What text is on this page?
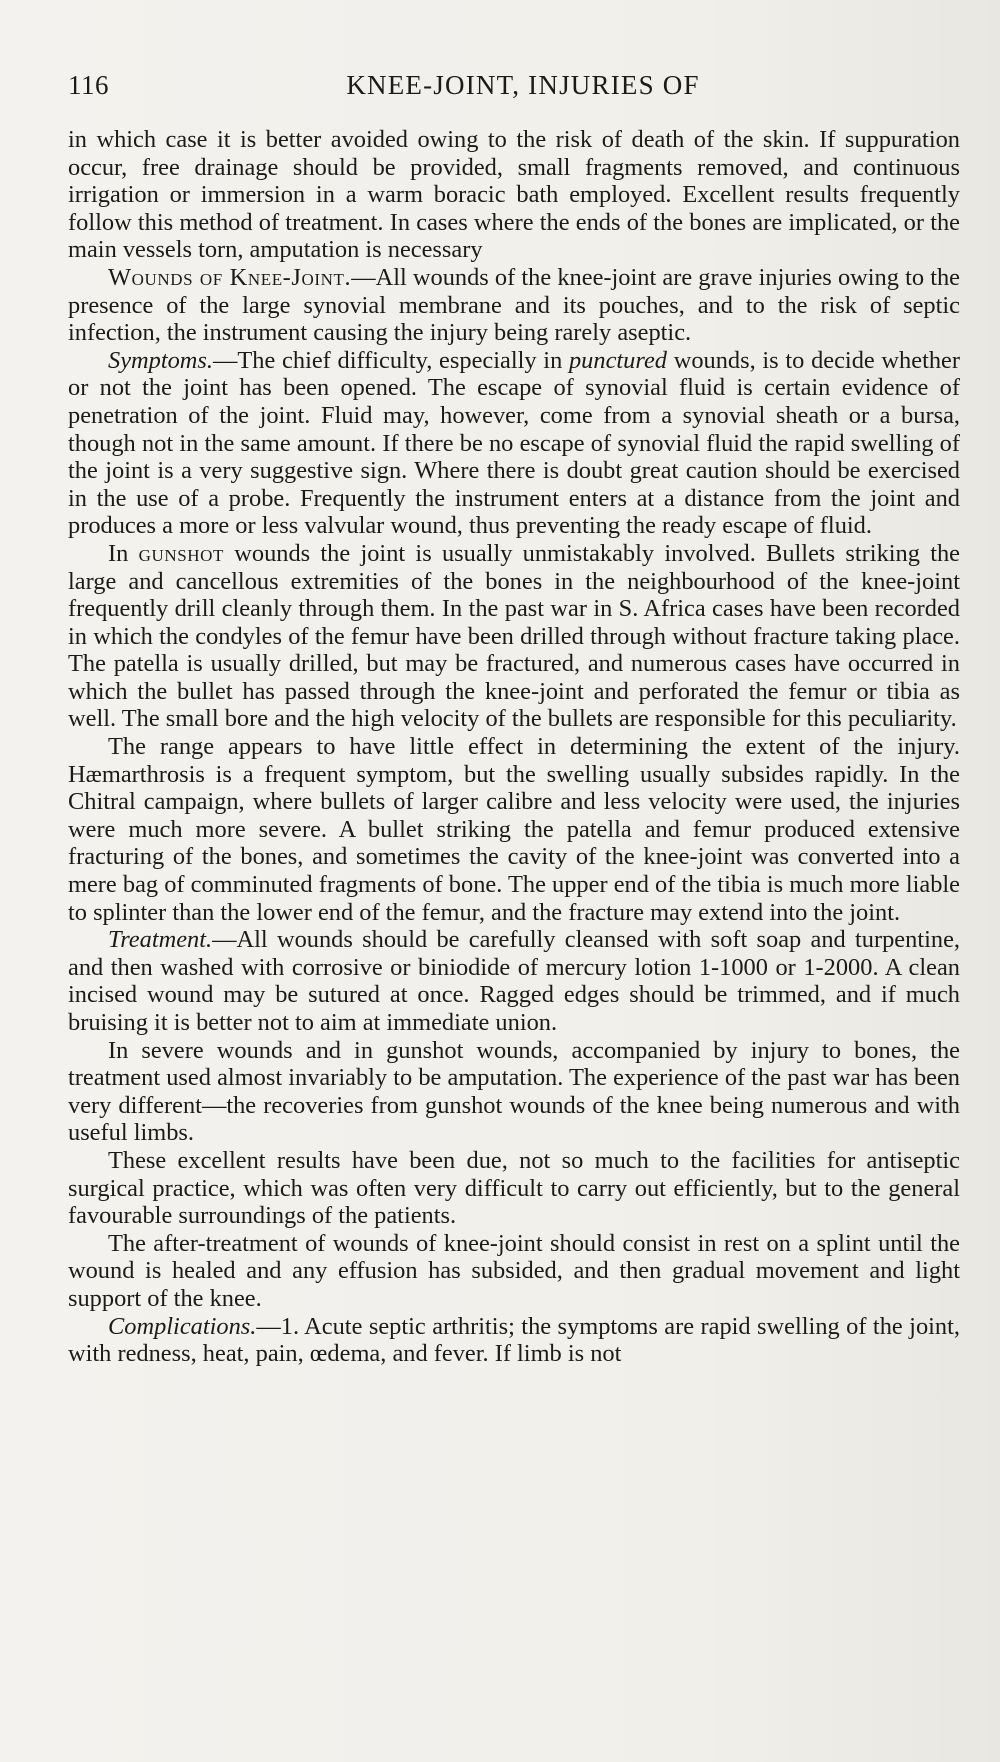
116	KNEE-JOINT, INJURIES OF

in which case it is better avoided owing to the risk of death of the skin. If suppuration occur, free drainage should be provided, small fragments removed, and continuous irrigation or immersion in a warm boracic bath employed. Excellent results frequently follow this method of treatment. In cases where the ends of the bones are implicated, or the main vessels torn, amputation is necessary

Wounds of Knee-Joint.—All wounds of the knee-joint are grave injuries owing to the presence of the large synovial membrane and its pouches, and to the risk of septic infection, the instrument causing the injury being rarely aseptic.

Symptoms.—The chief difficulty, especially in punctured wounds, is to decide whether or not the joint has been opened. The escape of synovial fluid is certain evidence of penetration of the joint. Fluid may, however, come from a synovial sheath or a bursa, though not in the same amount. If there be no escape of synovial fluid the rapid swelling of the joint is a very suggestive sign. Where there is doubt great caution should be exercised in the use of a probe. Frequently the instrument enters at a distance from the joint and produces a more or less valvular wound, thus preventing the ready escape of fluid.

In gunshot wounds the joint is usually unmistakably involved. Bullets striking the large and cancellous extremities of the bones in the neighbourhood of the knee-joint frequently drill cleanly through them. In the past war in S. Africa cases have been recorded in which the condyles of the femur have been drilled through without fracture taking place. The patella is usually drilled, but may be fractured, and numerous cases have occurred in which the bullet has passed through the knee-joint and perforated the femur or tibia as well. The small bore and the high velocity of the bullets are responsible for this peculiarity.

The range appears to have little effect in determining the extent of the injury. Hæmarthrosis is a frequent symptom, but the swelling usually subsides rapidly. In the Chitral campaign, where bullets of larger calibre and less velocity were used, the injuries were much more severe. A bullet striking the patella and femur produced extensive fracturing of the bones, and sometimes the cavity of the knee-joint was converted into a mere bag of comminuted fragments of bone. The upper end of the tibia is much more liable to splinter than the lower end of the femur, and the fracture may extend into the joint.

Treatment.—All wounds should be carefully cleansed with soft soap and turpentine, and then washed with corrosive or biniodide of mercury lotion 1-1000 or 1-2000. A clean incised wound may be sutured at once. Ragged edges should be trimmed, and if much bruising it is better not to aim at immediate union.

In severe wounds and in gunshot wounds, accompanied by injury to bones, the treatment used almost invariably to be amputation. The experience of the past war has been very different—the recoveries from gunshot wounds of the knee being numerous and with useful limbs.

These excellent results have been due, not so much to the facilities for antiseptic surgical practice, which was often very difficult to carry out efficiently, but to the general favourable surroundings of the patients.

The after-treatment of wounds of knee-joint should consist in rest on a splint until the wound is healed and any effusion has subsided, and then gradual movement and light support of the knee.

Complications.—1. Acute septic arthritis; the symptoms are rapid swelling of the joint, with redness, heat, pain, œdema, and fever. If limb is not
